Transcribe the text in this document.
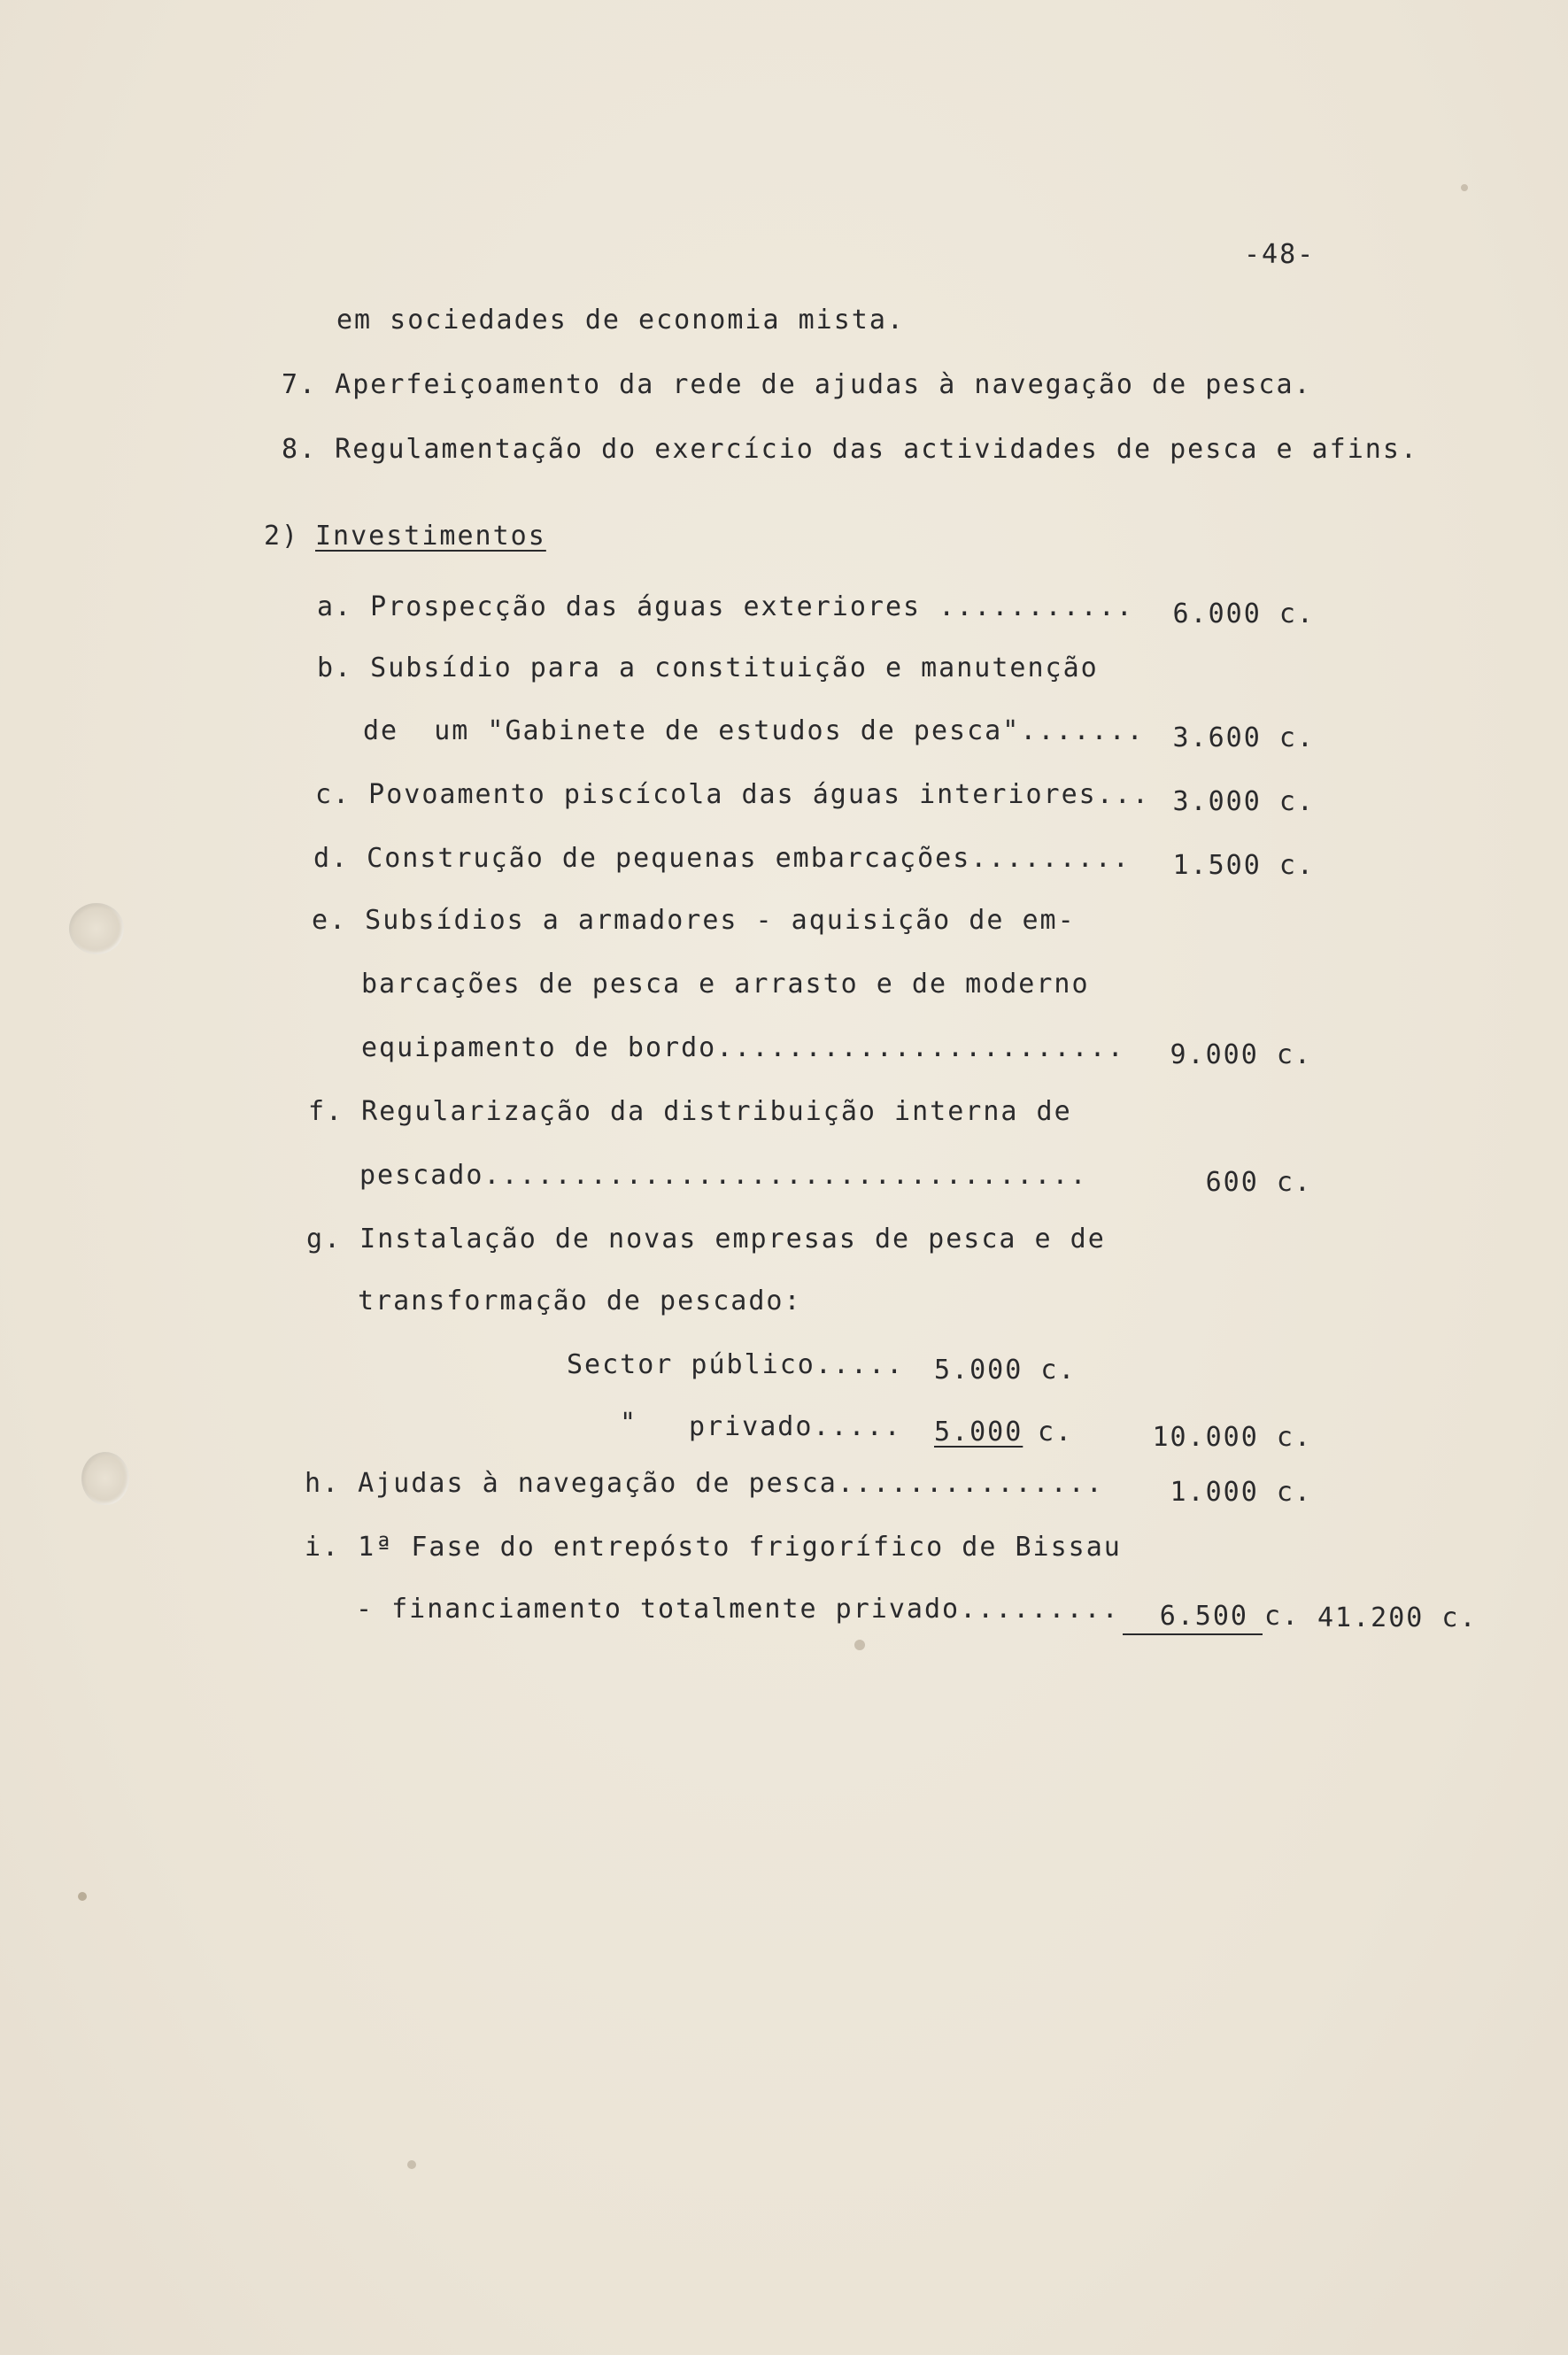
-48-
em sociedades de economia mista.
7. Aperfeiçoamento da rede de ajudas à navegação de pesca.
8. Regulamentação do exercício das actividades de pesca e afins.
2) Investimentos
a. Prospecção das águas exteriores ...........	6.000 c.
b. Subsídio para a constituição e manutenção
de  um "Gabinete de estudos de pesca".......	3.600 c.
c. Povoamento piscícola das águas interiores... 3.000 c.
d. Construção de pequenas embarcações.........	1.500 c.
e. Subsídios a armadores - aquisição de em-
barcações de pesca e arrasto e de moderno
equipamento de bordo.......................	9.000 c.
f. Regularização da distribuição interna de
pescado..................................	600 c.
g. Instalação de novas empresas de pesca e de
transformação de pescado:
Sector público..... 5.000 c.
" privado..... 5.000 c.	10.000 c.
h. Ajudas à navegação de pesca...............	1.000 c.
i. 1ª Fase do entrepósto frigorífico de Bissau
- financiamento totalmente privado.........	6.500 c. 41.200 c.
